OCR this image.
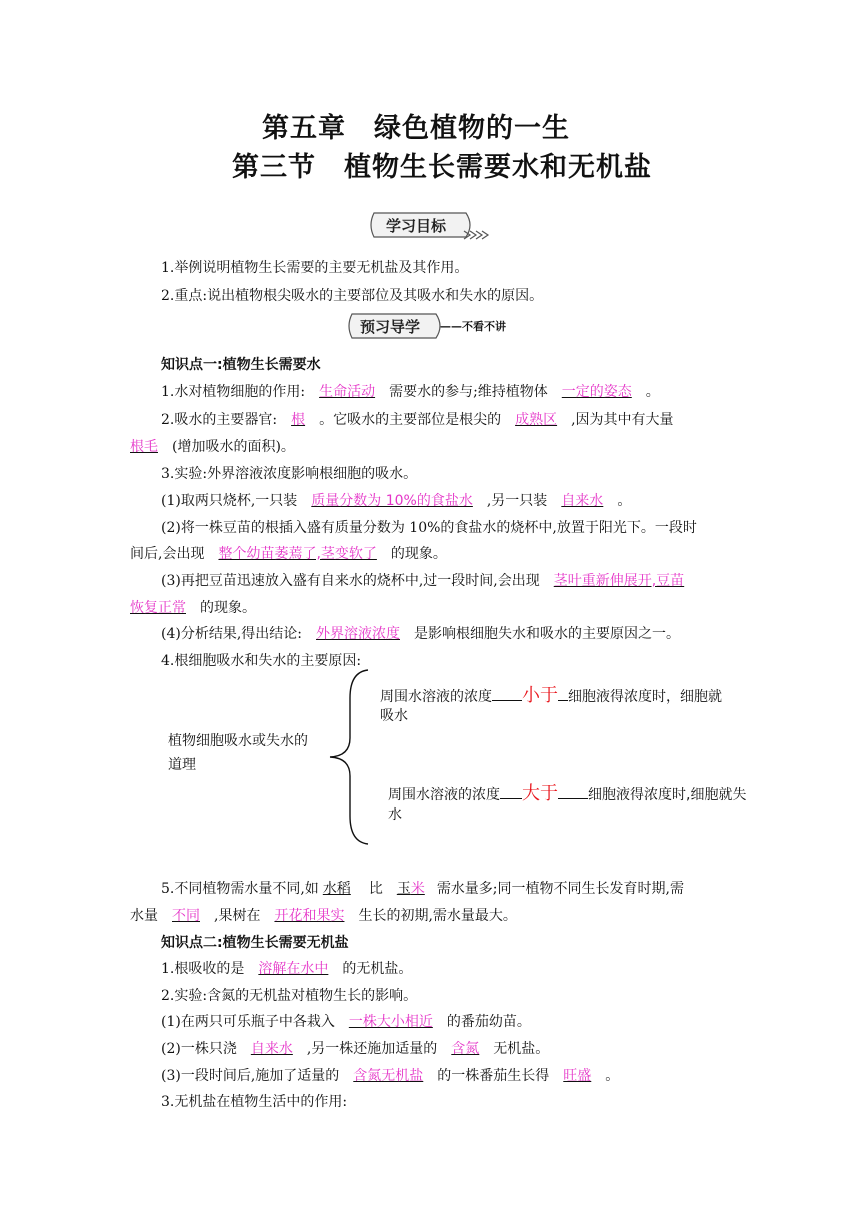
第五章　绿色植物的一生
第三节　植物生长需要水和无机盐
学习目标
1.举例说明植物生长需要的主要无机盐及其作用。
2.重点:说出植物根尖吸水的主要部位及其吸水和失水的原因。
预习导学 ——不看不讲
知识点一:植物生长需要水
1.水对植物细胞的作用: 生命活动 需要水的参与;维持植物体 一定的姿态 。
2.吸水的主要器官: 根 。它吸水的主要部位是根尖的 成熟区 ,因为其中有大量
根毛 (增加吸水的面积)。
3.实验:外界溶液浓度影响根细胞的吸水。
(1)取两只烧杯,一只装 质量分数为 10%的食盐水 ,另一只装 自来水 。
(2)将一株豆苗的根插入盛有质量分数为 10%的食盐水的烧杯中,放置于阳光下。一段时
间后,会出现 整个幼苗萎蔫了,茎变软了 的现象。
(3)再把豆苗迅速放入盛有自来水的烧杯中,过一段时间,会出现 茎叶重新伸展开,豆苗
恢复正常 的现象。
(4)分析结果,得出结论: 外界溶液浓度 是影响根细胞失水和吸水的主要原因之一。
4.根细胞吸水和失水的主要原因:
植物细胞吸水或失水的
道理
周围水溶液的浓度 小于 细胞液得浓度时，细胞就
吸水
周围水溶液的浓度 大于 细胞液得浓度时,细胞就失
水
5.不同植物需水量不同,如 水稻 比 玉米 需水量多;同一植物不同生长发育时期,需
水量 不同 ,果树在 开花和果实 生长的初期,需水量最大。
知识点二:植物生长需要无机盐
1.根吸收的是 溶解在水中 的无机盐。
2.实验:含氮的无机盐对植物生长的影响。
(1)在两只可乐瓶子中各栽入 一株大小相近 的番茄幼苗。
(2)一株只浇 自来水 ,另一株还施加适量的 含氮 无机盐。
(3)一段时间后,施加了适量的 含氮无机盐 的一株番茄生长得 旺盛 。
3.无机盐在植物生活中的作用:
